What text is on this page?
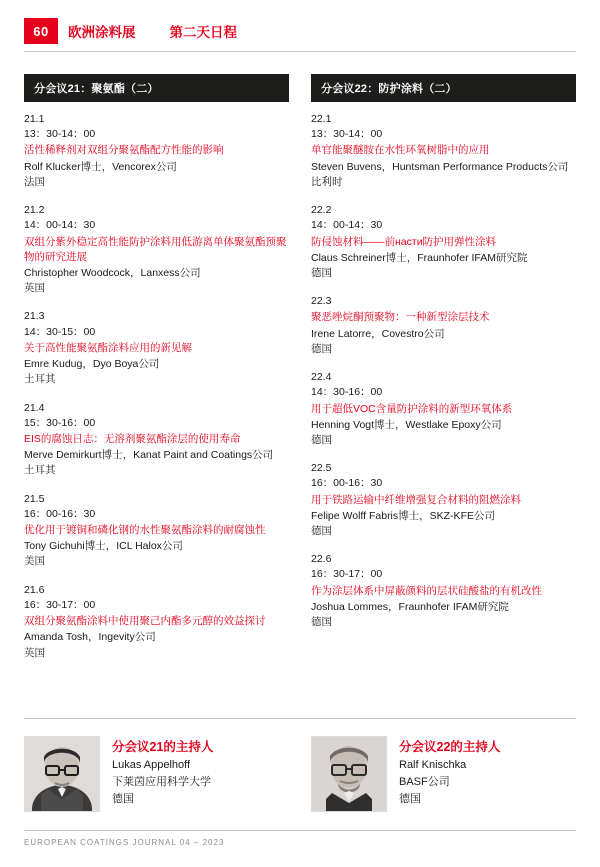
60	欧洲涂料展	第二天日程
分会议21：聚氨酯（二）
21.1
13：30-14：00
活性稀释剂对双组分聚氨酯配方性能的影响
Rolf Klucker博士，Vencorex公司
法国
21.2
14：00-14：30
双组分紫外稳定高性能防护涂料用低游离单体聚氨酯预聚物的研究进展
Christopher Woodcock，Lanxess公司
英国
21.3
14：30-15：00
关于高性能聚氨酯涂料应用的新见解
Emre Kudug，Dyo Boya公司
土耳其
21.4
15：30-16：00
EIS的腐蚀日志：无溶剂聚氨酯涂层的使用寿命
Merve Demirkurt博士，Kanat Paint and Coatings公司
土耳其
21.5
16：00-16：30
优化用于镀铜和磷化钢的水性聚氨酯涂料的耐腐蚀性
Tony Gichuhi博士，ICL Halox公司
美国
21.6
16：30-17：00
双组分聚氨酯涂料中使用聚己内酯多元醇的效益探讨
Amanda Tosh，Ingevity公司
英国
分会议22：防护涂料（二）
22.1
13：30-14：00
单官能聚醚胺在水性环氧树脂中的应用
Steven Buvens，Huntsman Performance Products公司
比利时
22.2
14：00-14：30
防侵蚀材料——前насти防护用弹性涂料
Claus Schreiner博士，Fraunhofer IFAM研究院
德国
22.3
聚恶唑烷酮预聚物：一种新型涂层技术
Irene Latorre，Covestro公司
德国
22.4
14：30-16：00
用于超低VOC含量防护涂料的新型环氧体系
Henning Vogt博士，Westlake Epoxy公司
德国
22.5
16：00-16：30
用于铁路运输中纤维增强复合材料的阻燃涂料
Felipe Wolff Fabris博士，SKZ-KFE公司
德国
22.6
16：30-17：00
作为涂层体系中屏蔽颜料的层状硅酸盐的有机改性
Joshua Lommes，Fraunhofer IFAM研究院
德国
分会议21的主持人
Lukas Appelhoff
下莱茵应用科学大学
德国
分会议22的主持人
Ralf Knischka
BASF公司
德国
EUROPEAN COATINGS JOURNAL 04 – 2023
